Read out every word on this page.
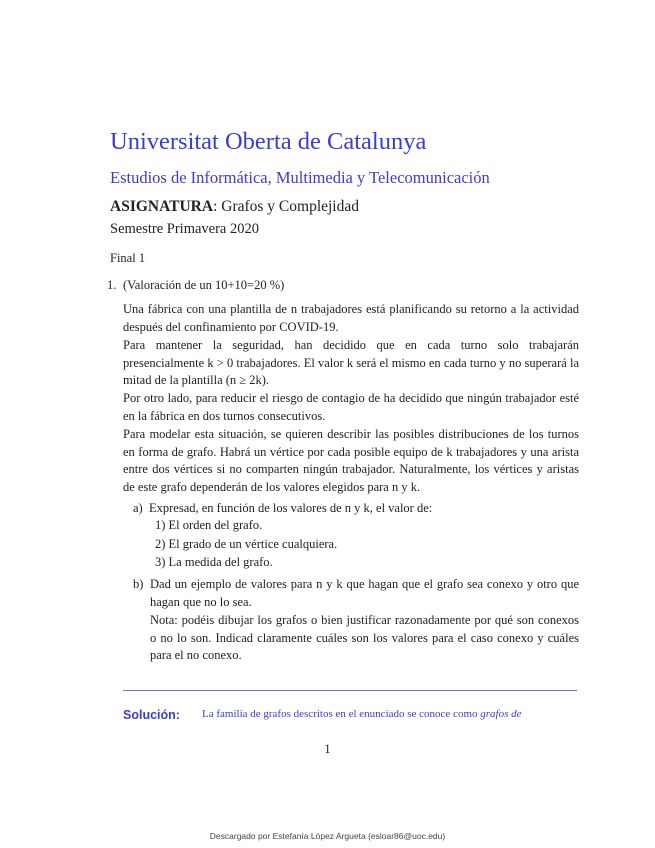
Universitat Oberta de Catalunya
Estudios de Informática, Multimedia y Telecomunicación
ASIGNATURA: Grafos y Complejidad
Semestre Primavera 2020
Final 1
1. (Valoración de un 10+10=20 %)
Una fábrica con una plantilla de n trabajadores está planificando su retorno a la actividad después del confinamiento por COVID-19.
Para mantener la seguridad, han decidido que en cada turno solo trabajarán presencialmente k > 0 trabajadores. El valor k será el mismo en cada turno y no superará la mitad de la plantilla (n ≥ 2k).
Por otro lado, para reducir el riesgo de contagio de ha decidido que ningún trabajador esté en la fábrica en dos turnos consecutivos.
Para modelar esta situación, se quieren describir las posibles distribuciones de los turnos en forma de grafo. Habrá un vértice por cada posible equipo de k trabajadores y una arista entre dos vértices si no comparten ningún trabajador. Naturalmente, los vértices y aristas de este grafo dependerán de los valores elegidos para n y k.
a) Expresad, en función de los valores de n y k, el valor de:
1) El orden del grafo.
2) El grado de un vértice cualquiera.
3) La medida del grafo.
b) Dad un ejemplo de valores para n y k que hagan que el grafo sea conexo y otro que hagan que no lo sea.
Nota: podéis dibujar los grafos o bien justificar razonadamente por qué son conexos o no lo son. Indicad claramente cuáles son los valores para el caso conexo y cuáles para el no conexo.
Solución: La familia de grafos descritos en el enunciado se conoce como grafos de
1
Descargado por Estefanía López Argueta (esloar86@uoc.edu)
